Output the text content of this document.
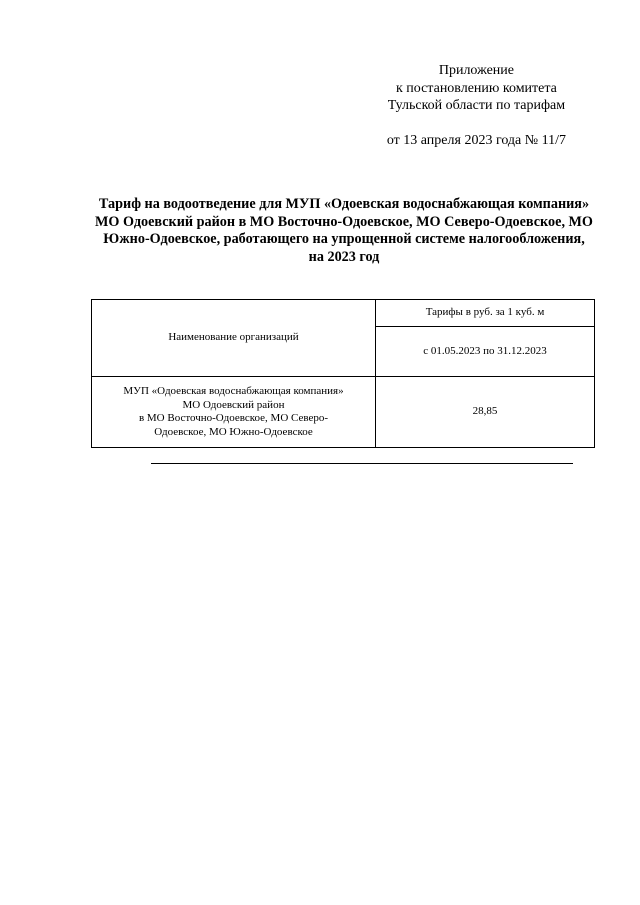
Приложение
к постановлению комитета
Тульской области по тарифам
от 13 апреля 2023 года № 11/7
Тариф на водоотведение для МУП «Одоевская водоснабжающая компания» МО Одоевский район в МО Восточно-Одоевское, МО Северо-Одоевское, МО Южно-Одоевское, работающего на упрощенной системе налогообложения, на 2023 год
Наименование организаций	Тарифы в руб. за 1 куб. м
	с 01.05.2023 по 31.12.2023

МУП «Одоевская водоснабжающая компания»
МО Одоевский район
в МО Восточно-Одоевское, МО Северо-
Одоевское, МО Южно-Одоевское	28,85
